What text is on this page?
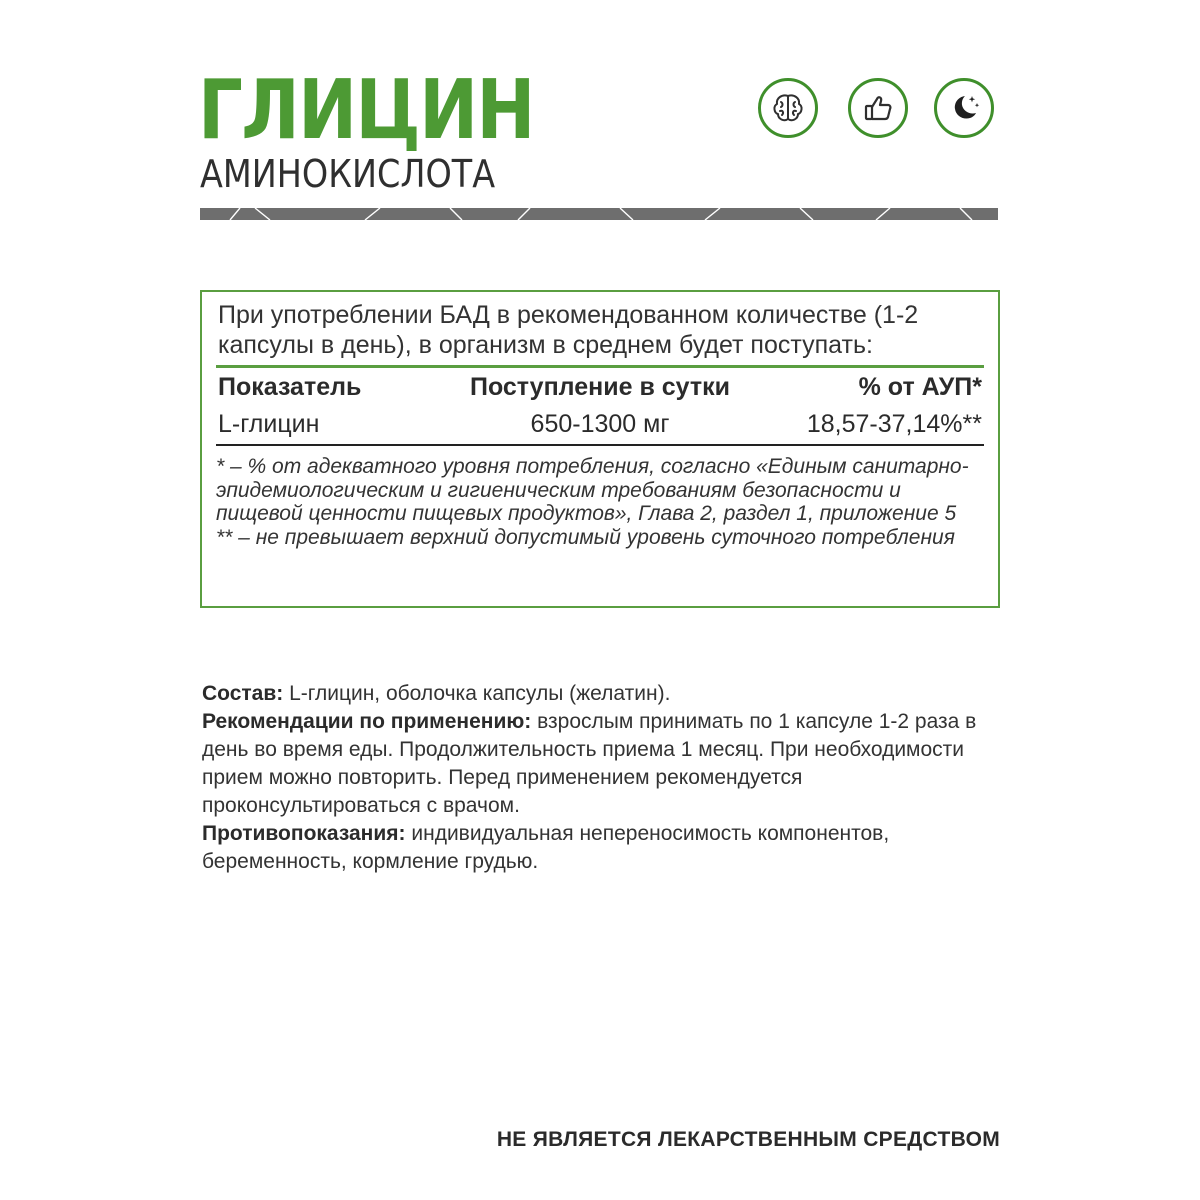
ГЛИЦИН
АМИНОКИСЛОТА
При употреблении БАД в рекомендованном количестве (1-2 капсулы в день), в организм в среднем будет поступать:
Показатель	Поступление в сутки	% от АУП*
L-глицин	650-1300 мг	18,57-37,14%**

* – % от адекватного уровня потребления, согласно «Единым санитарно-эпидемиологическим и гигиеническим требованиям безопасности и пищевой ценности пищевых продуктов», Глава 2, раздел 1, приложение 5

** – не превышает верхний допустимый уровень суточного потребления

Состав: L-глицин, оболочка капсулы (желатин).

Рекомендации по применению: взрослым принимать по 1 капсуле 1-2 раза в день во время еды. Продолжительность приема 1 месяц. При необходимости прием можно повторить. Перед применением рекомендуется проконсультироваться с врачом.

Противопоказания: индивидуальная непереносимость компонентов, беременность, кормление грудью.

НЕ ЯВЛЯЕТСЯ ЛЕКАРСТВЕННЫМ СРЕДСТВОМ
